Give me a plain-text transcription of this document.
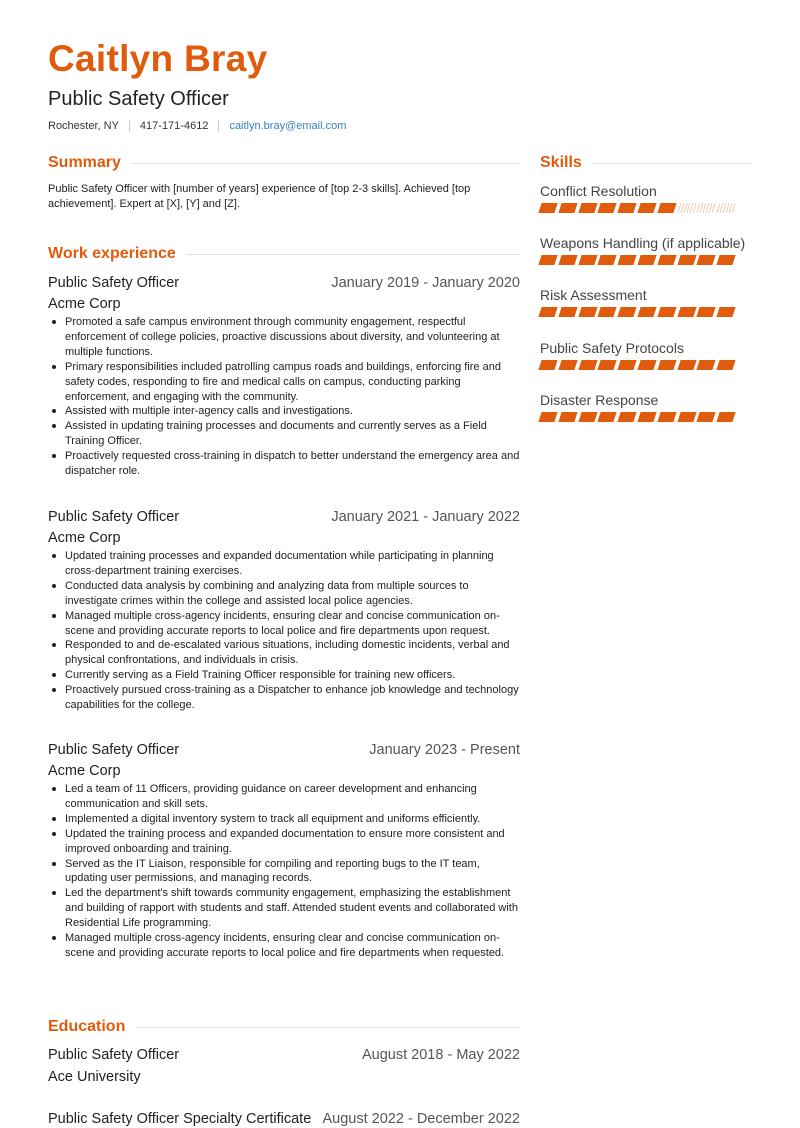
Caitlyn Bray
Public Safety Officer
Rochester, NY 417-171-4612 caitlyn.bray@email.com
Summary
Public Safety Officer with [number of years] experience of [top 2-3 skills]. Achieved [top achievement]. Expert at [X], [Y] and [Z].
Work experience
Public Safety Officer	January 2019 - January 2020
Acme Corp
Promoted a safe campus environment through community engagement, respectful enforcement of college policies, proactive discussions about diversity, and volunteering at multiple functions.
Primary responsibilities included patrolling campus roads and buildings, enforcing fire and safety codes, responding to fire and medical calls on campus, conducting parking enforcement, and engaging with the community.
Assisted with multiple inter-agency calls and investigations.
Assisted in updating training processes and documents and currently serves as a Field Training Officer.
Proactively requested cross-training in dispatch to better understand the emergency area and dispatcher role.
Public Safety Officer	January 2021 - January 2022
Acme Corp
Updated training processes and expanded documentation while participating in planning cross-department training exercises.
Conducted data analysis by combining and analyzing data from multiple sources to investigate crimes within the college and assisted local police agencies.
Managed multiple cross-agency incidents, ensuring clear and concise communication on-scene and providing accurate reports to local police and fire departments upon request.
Responded to and de-escalated various situations, including domestic incidents, verbal and physical confrontations, and individuals in crisis.
Currently serving as a Field Training Officer responsible for training new officers.
Proactively pursued cross-training as a Dispatcher to enhance job knowledge and technology capabilities for the college.
Public Safety Officer	January 2023 - Present
Acme Corp
Led a team of 11 Officers, providing guidance on career development and enhancing communication and skill sets.
Implemented a digital inventory system to track all equipment and uniforms efficiently.
Updated the training process and expanded documentation to ensure more consistent and improved onboarding and training.
Served as the IT Liaison, responsible for compiling and reporting bugs to the IT team, updating user permissions, and managing records.
Led the department's shift towards community engagement, emphasizing the establishment and building of rapport with students and staff. Attended student events and collaborated with Residential Life programming.
Managed multiple cross-agency incidents, ensuring clear and concise communication on-scene and providing accurate reports to local police and fire departments when requested.
Education
Public Safety Officer	August 2018 - May 2022
Ace University
Public Safety Officer Specialty Certificate August 2022 - December 2022
Skills
Conflict Resolution
Weapons Handling (if applicable)
Risk Assessment
Public Safety Protocols
Disaster Response
